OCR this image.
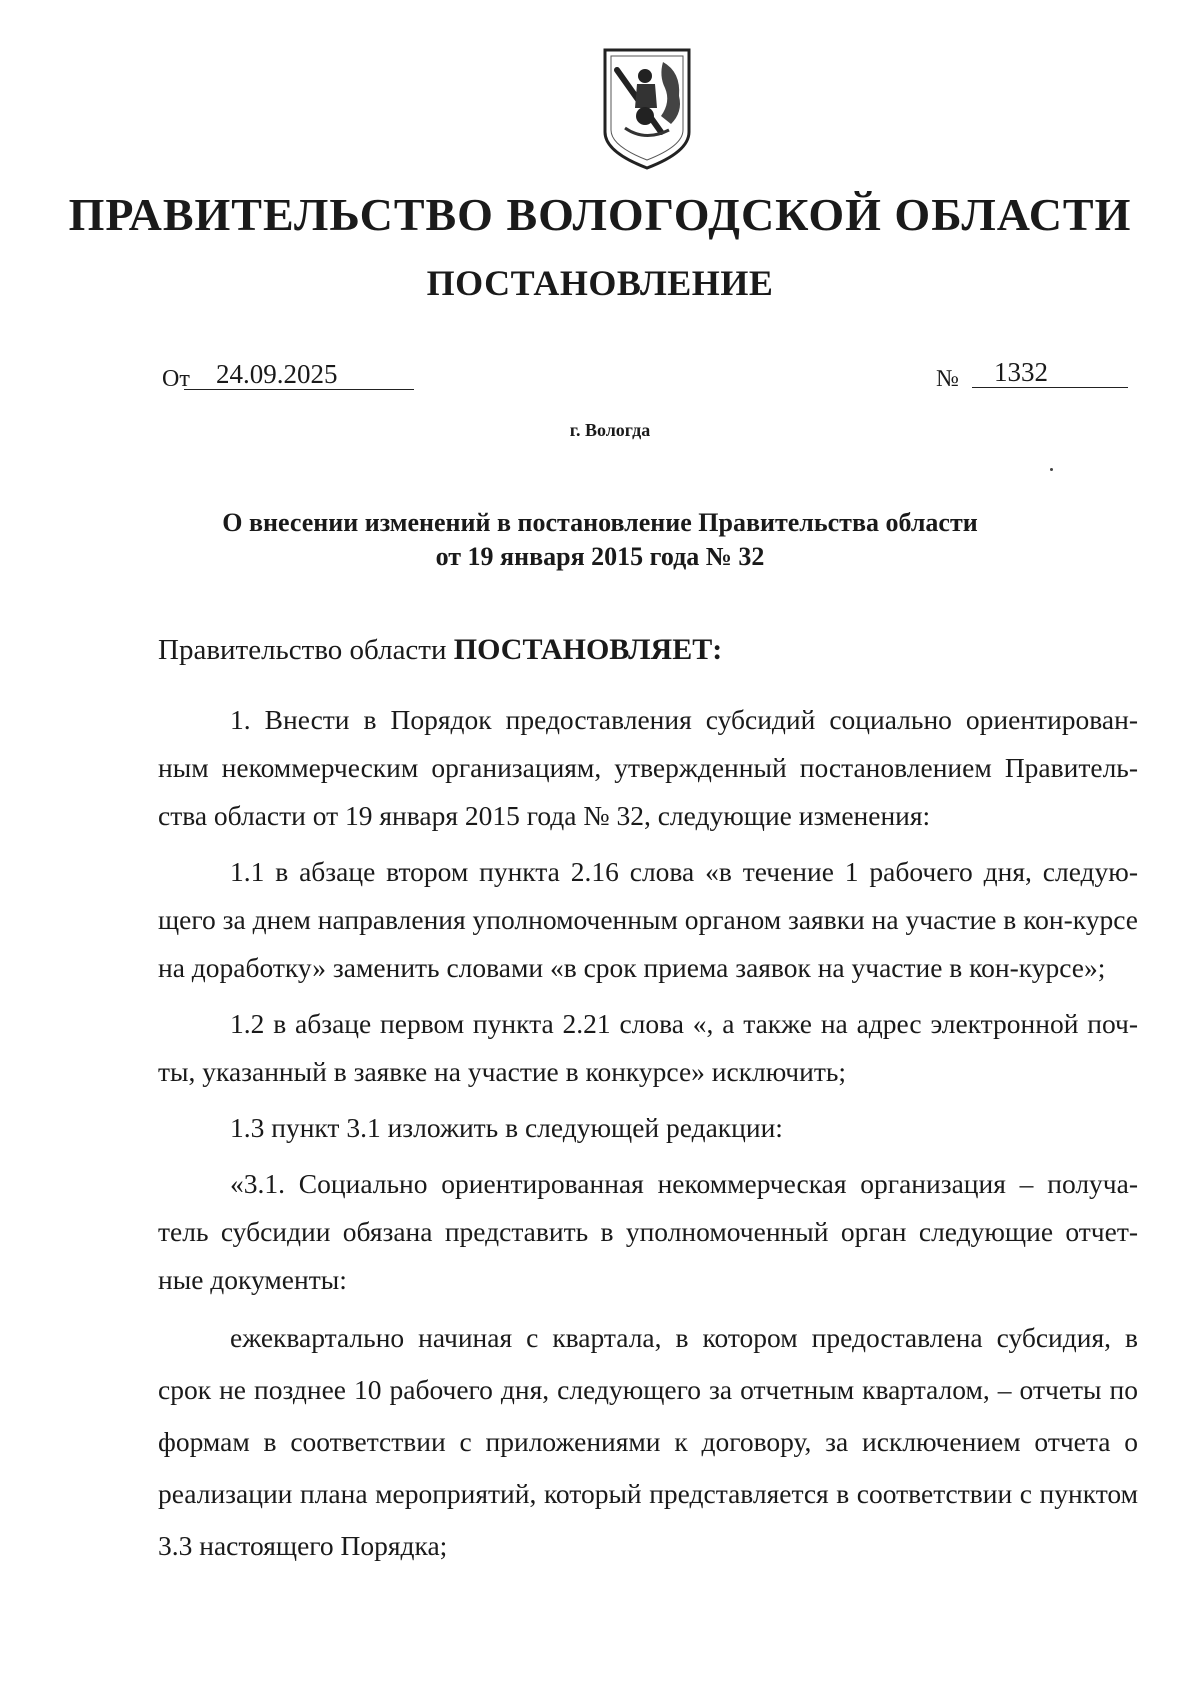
ПРАВИТЕЛЬСТВО ВОЛОГОДСКОЙ ОБЛАСТИ
ПОСТАНОВЛЕНИЕ
От 24.09.2025	№	1332
г. Вологда
О внесении изменений в постановление Правительства области
от 19 января 2015 года № 32

Правительство области ПОСТАНОВЛЯЕТ:

1. Внести в Порядок предоставления субсидий социально ориентирован-ным некоммерческим организациям, утвержденный постановлением Правитель-ства области от 19 января 2015 года № 32, следующие изменения:

1.1 в абзаце втором пункта 2.16 слова «в течение 1 рабочего дня, следую-щего за днем направления уполномоченным органом заявки на участие в кон-курсе на доработку» заменить словами «в срок приема заявок на участие в кон-курсе»;

1.2 в абзаце первом пункта 2.21 слова «, а также на адрес электронной поч-ты, указанный в заявке на участие в конкурсе» исключить;

1.3 пункт 3.1 изложить в следующей редакции:

«3.1. Социально ориентированная некоммерческая организация – получа-тель субсидии обязана представить в уполномоченный орган следующие отчет-ные документы:

ежеквартально начиная с квартала, в котором предоставлена субсидия, в срок не позднее 10 рабочего дня, следующего за отчетным кварталом, – отчеты по формам в соответствии с приложениями к договору, за исключением отчета о реализации плана мероприятий, который представляется в соответствии с пунктом 3.3 настоящего Порядка;
